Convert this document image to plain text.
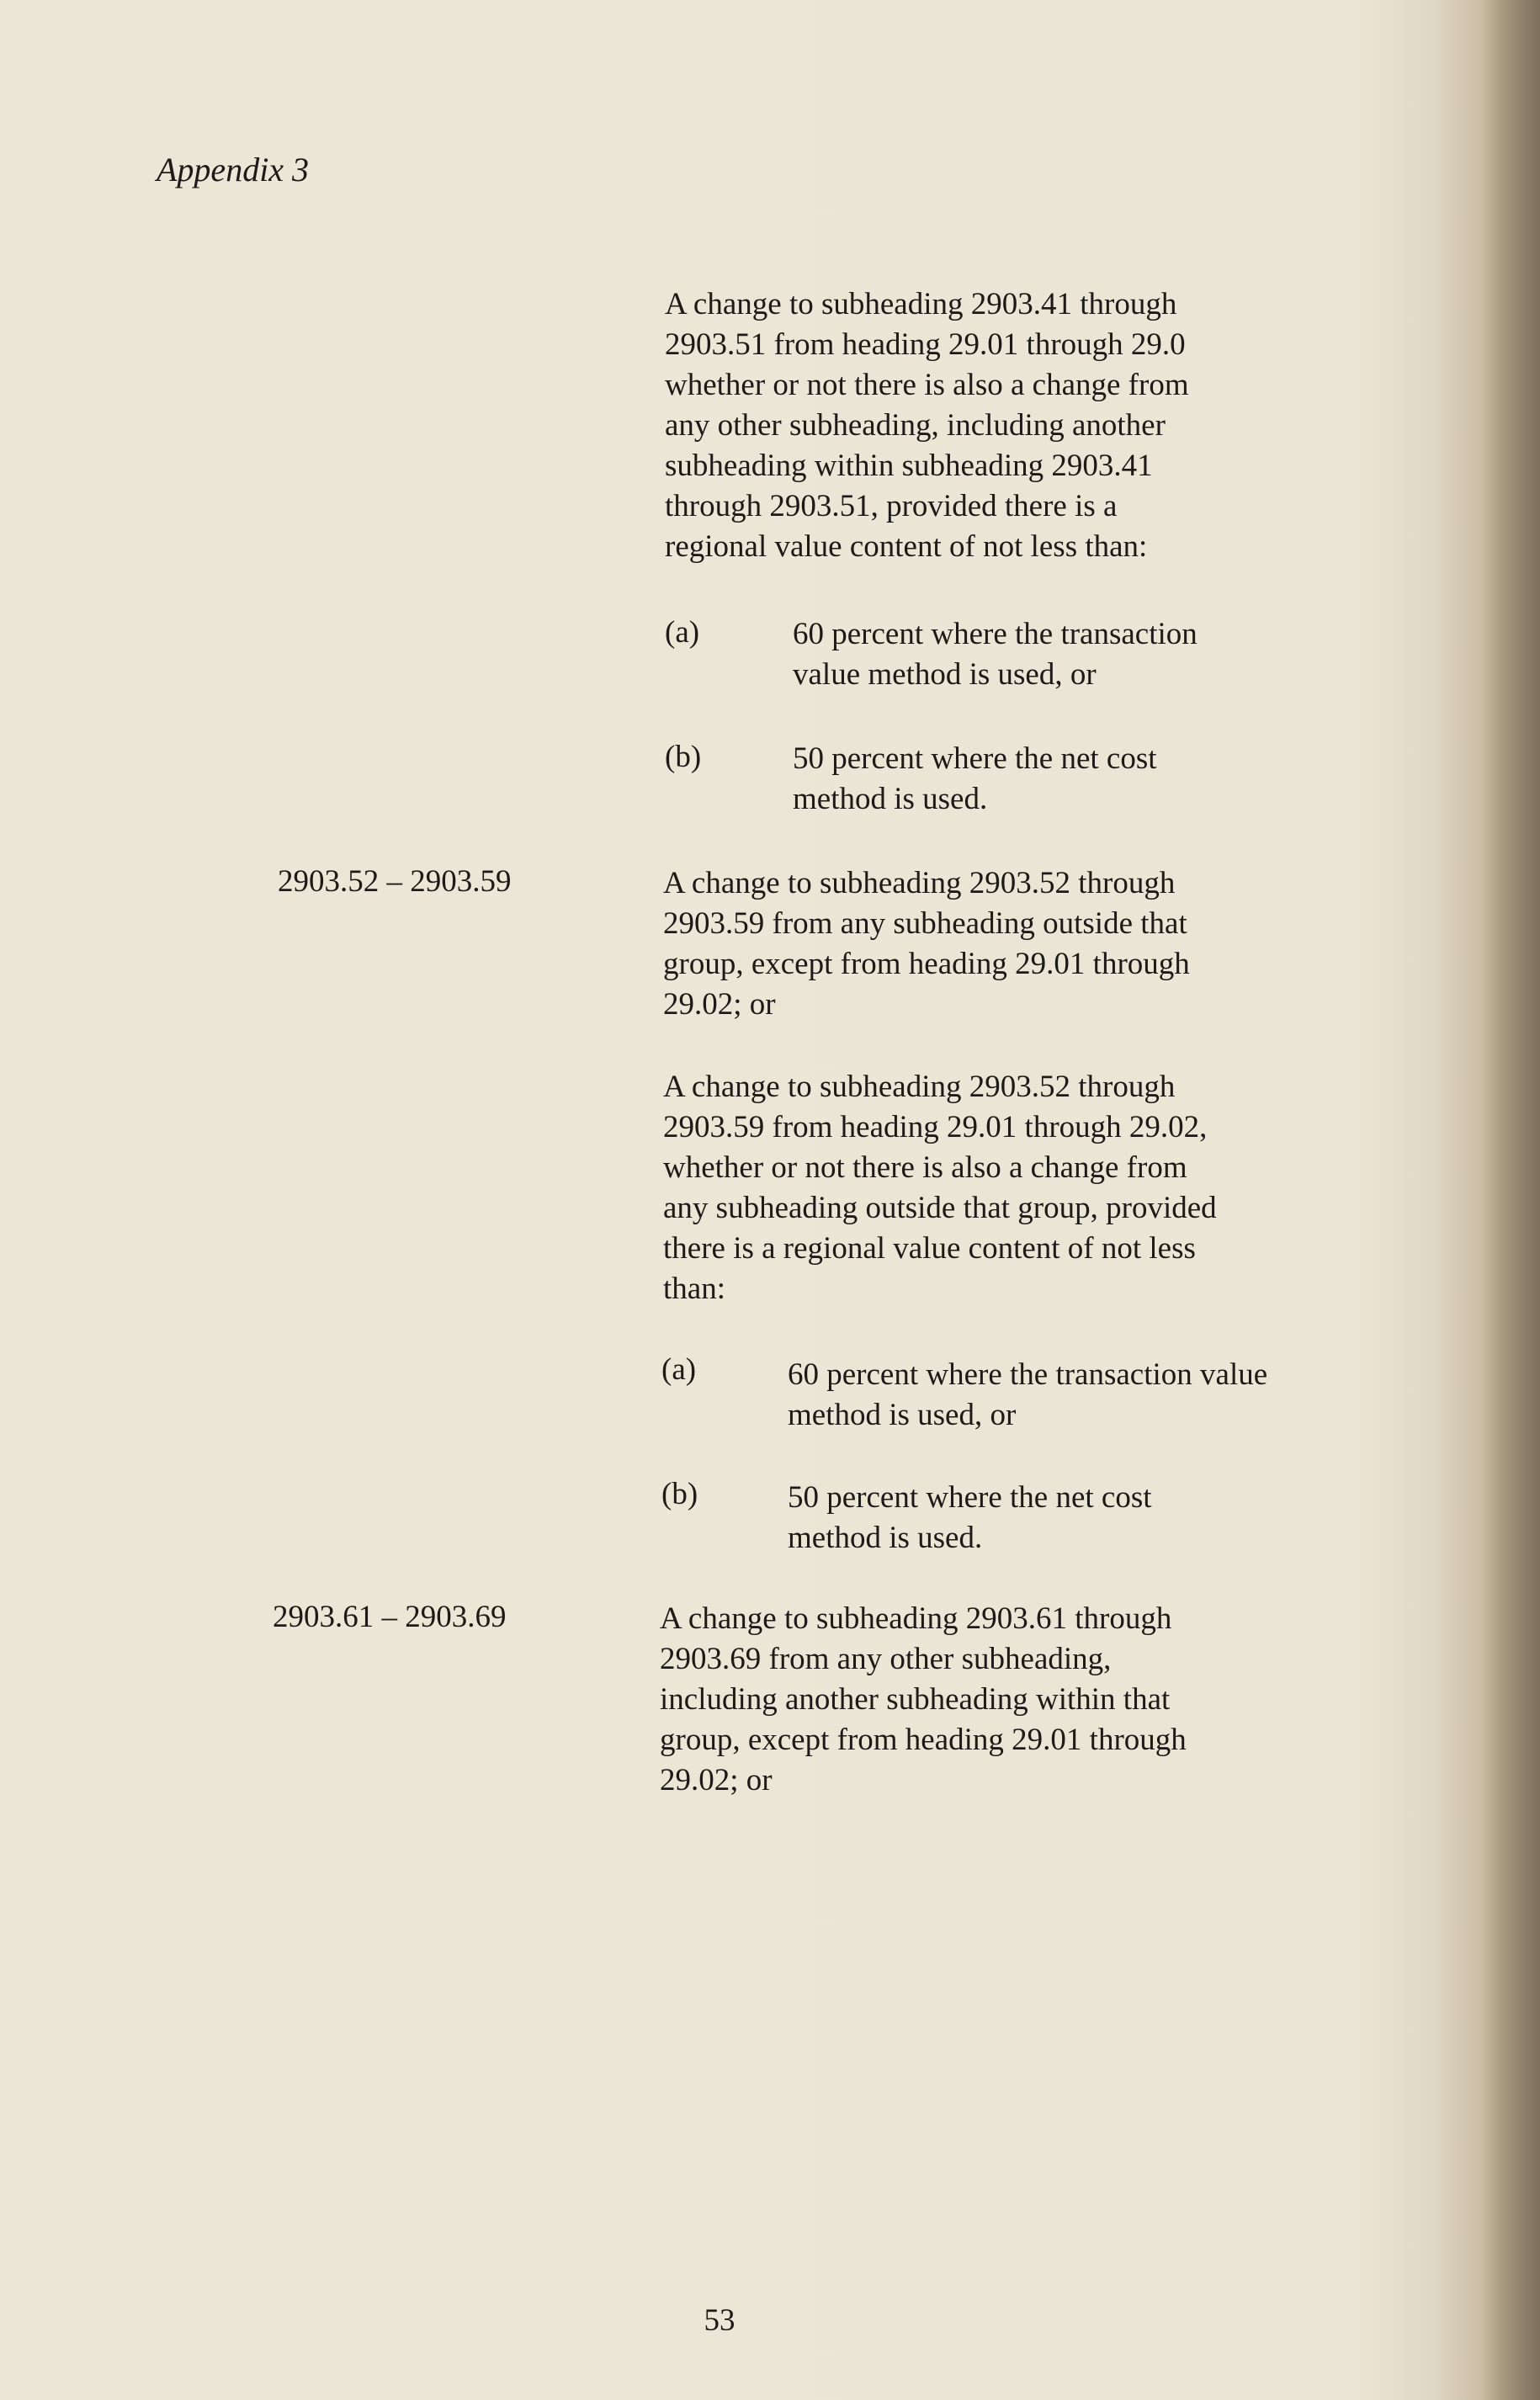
Appendix 3
A change to subheading 2903.41 through
2903.51 from heading 29.01 through 29.0
whether or not there is also a change from
any other subheading, including another
subheading within subheading 2903.41
through 2903.51, provided there is a
regional value content of not less than:
(a)	60 percent where the transaction
value method is used, or
(b)	50 percent where the net cost
method is used.
2903.52 – 2903.59	A change to subheading 2903.52 through
2903.59 from any subheading outside that
group, except from heading 29.01 through
29.02; or
A change to subheading 2903.52 through
2903.59 from heading 29.01 through 29.02,
whether or not there is also a change from
any subheading outside that group, provided
there is a regional value content of not less
than:
(a)	60 percent where the transaction value
method is used, or
(b)	50 percent where the net cost
method is used.
2903.61 – 2903.69	A change to subheading 2903.61 through
2903.69 from any other subheading,
including another subheading within that
group, except from heading 29.01 through
29.02; or
53
